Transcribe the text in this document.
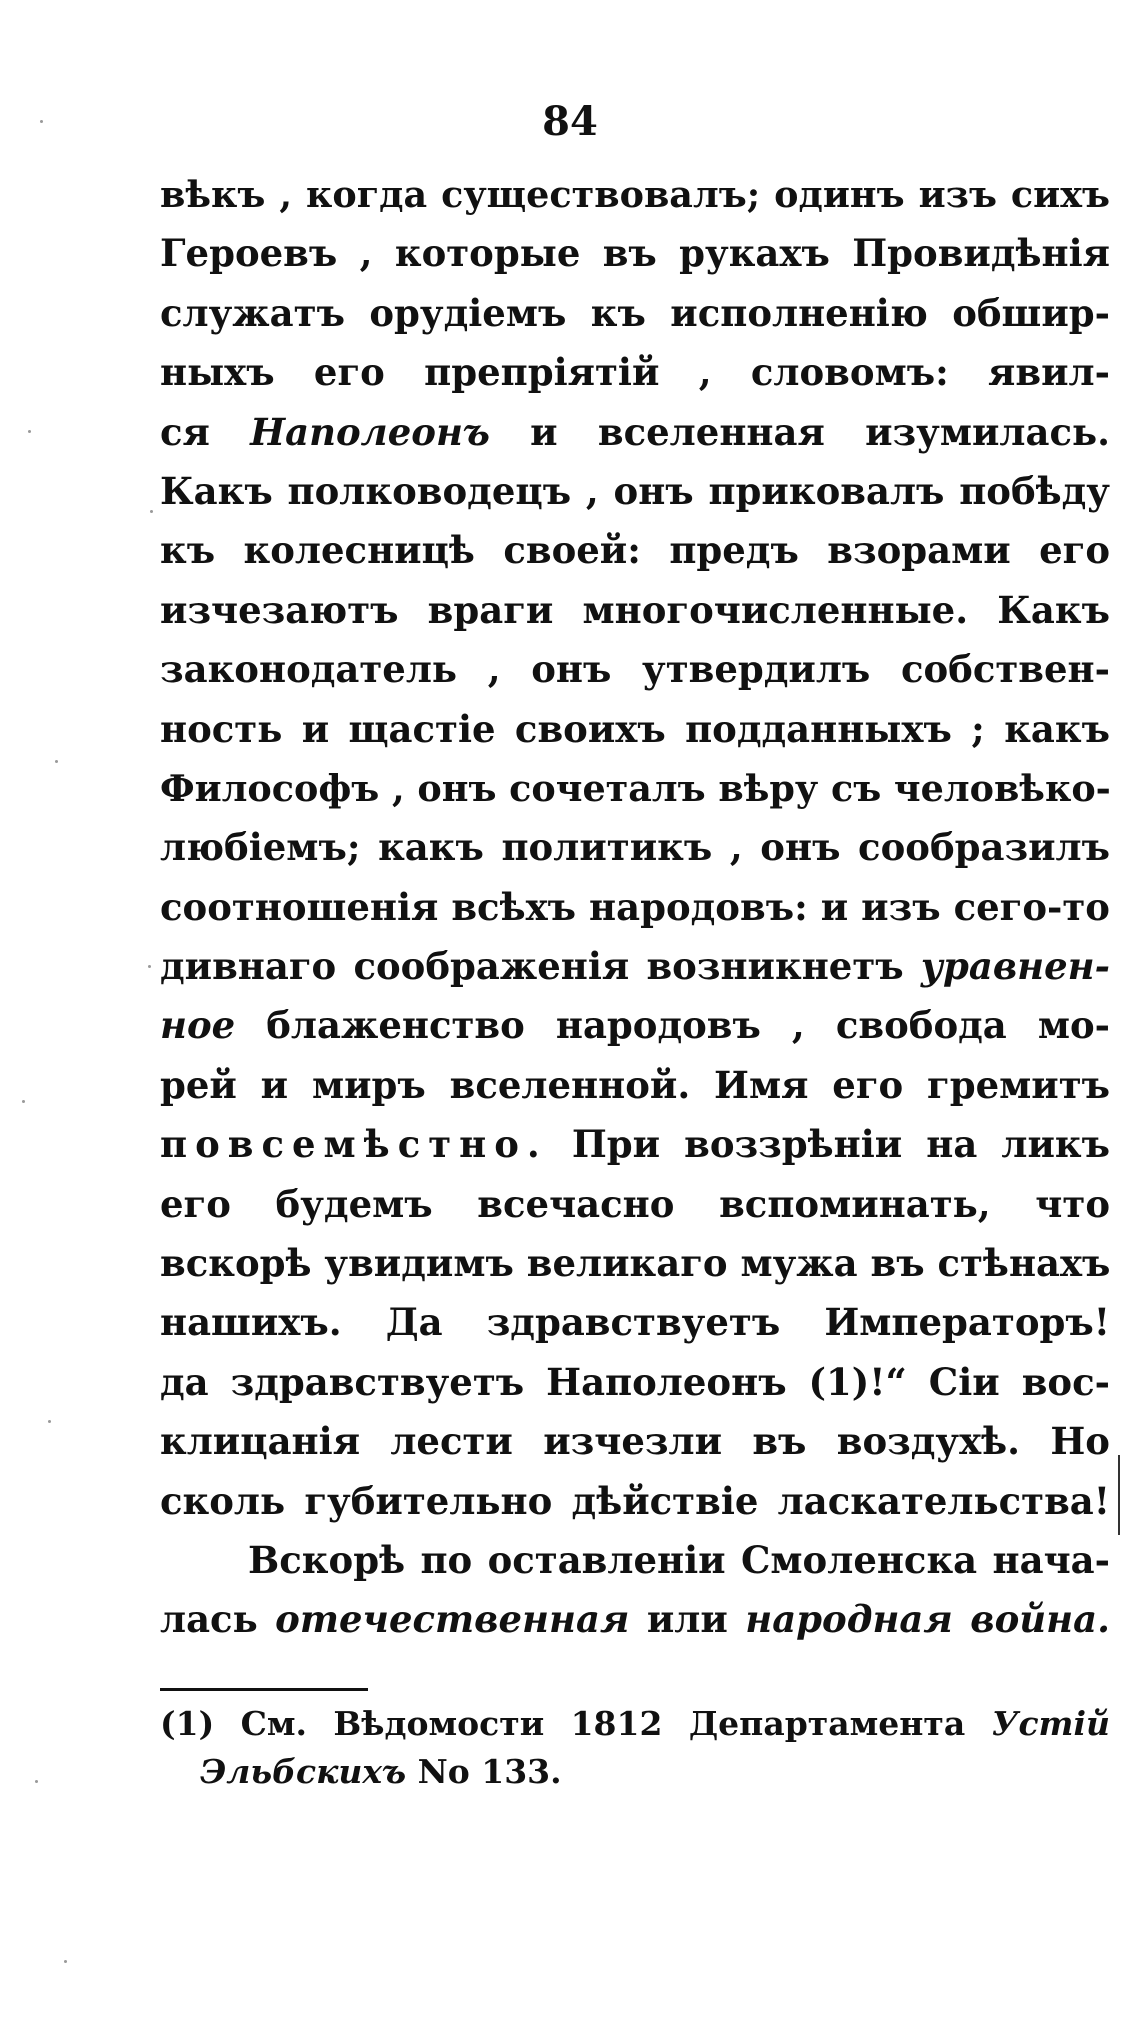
84
вѣкъ , когда существовалъ; одинъ изъ сихъ
Героевъ , которые въ рукахъ Провидѣнія
служатъ орудіемъ къ исполненію обшир-
ныхъ его препріятій , словомъ: явил-
ся Наполеонъ и вселенная изумилась.
Какъ полководецъ , онъ приковалъ побѣду
къ колесницѣ своей: предъ взорами его
изчезаютъ враги многочисленные. Какъ
законодатель , онъ утвердилъ собствен-
ность и щастіе своихъ подданныхъ ; какъ
Философъ , онъ сочеталъ вѣру съ человѣко-
любіемъ; какъ политикъ , онъ сообразилъ
соотношенія всѣхъ народовъ: и изъ сего-то
дивнаго соображенія возникнетъ уравнен-
ное блаженство народовъ , свобода мо-
рей и миръ вселенной. Имя его гремитъ
повсемѣстно. При воззрѣніи на ликъ
его будемъ всечасно вспоминать, что
вскорѣ увидимъ великаго мужа въ стѣнахъ
нашихъ. Да здравствуетъ Императоръ!
да здравствуетъ Наполеонъ (1)!“ Сіи вос-
клицанія лести изчезли въ воздухѣ. Но
сколь губительно дѣйствіе ласкательства!
Вскорѣ по оставленіи Смоленска нача-
лась отечественная или народная война.
(1) См. Вѣдомости 1812 Департамента Устій
Эльбскихъ No 133.
